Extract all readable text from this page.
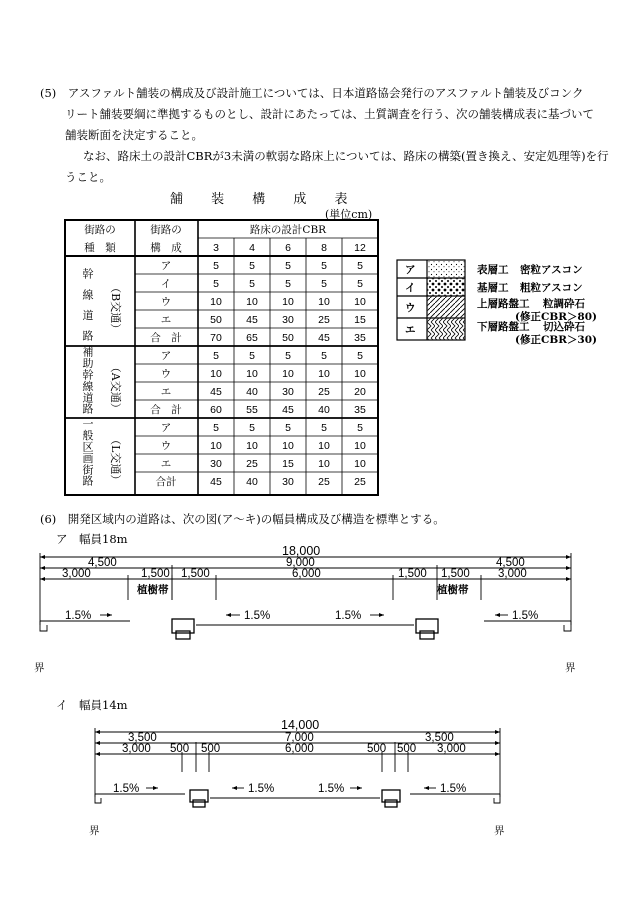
(5)　アスファルト舗装の構成及び設計施工については、日本道路協会発行のアスファルト舗装及びコンク
リート舗装要綱に準拠するものとし、設計にあたっては、土質調査を行う、次の舗装構成表に基づいて
舗装断面を決定すること。
なお、路床土の設計CBRが3未満の軟弱な路床上については、路床の構築(置き換え、安定処理等)を行
うこと。
舗 装 構 成 表
(単位cm)
街路の
種　類
街路の
構　成
路床の設計CBR
3	4	6	8	12
ア	5	5	5	5	5
イ	5	5	5	5	5
ウ	10 10 10 10 10
エ	50 45 30 25 15
合　計	70 65 50 45 35
幹
線
道
路
（B交通）
ア	5	5	5	5	5
ウ	10 10 10 10 10
エ	45 40 30 25 20
合　計	60 55 45 40 35
補
助
幹
線
道
路 （A交通）
ア	5	5	5	5	5
ウ	10 10 10 10 10
エ	30 25 15 10 10
合計	45 40 30 25 25
一
般
区
画
街
路 （L交通）
ア
イ
ウ
エ
表層工 密粒アスコン
基層工 粗粒アスコン
上層路盤工 粒調砕石
(修正CBR＞80)
下層路盤工 切込砕石
(修正CBR＞30)
(6)　開発区域内の道路は、次の図(ア～キ)の幅員構成及び構造を標準とする。
ア　幅員18m
18,000
4,500	9,000	4,500
3,000	1,500 1,500	6,000	1,500 1,500 3,000
植樹帯	植樹帯
1.5%	1.5%	1.5%	1.5%
界	界
イ　幅員14m
14,000
3,500	7,000	3,500
3,000 500 500	6,000	500 500 3,000
1.5%	1.5%	1.5%	1.5%
界	界
